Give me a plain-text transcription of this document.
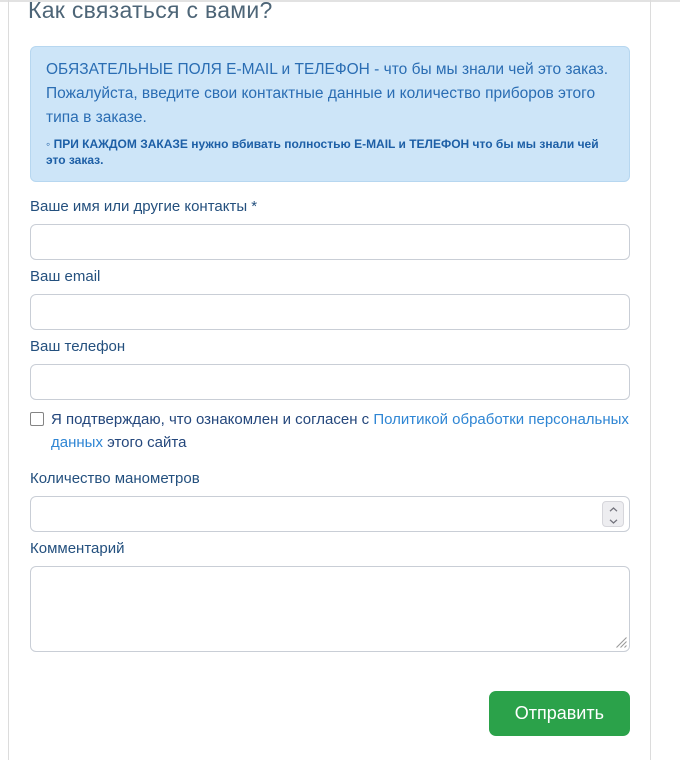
Как связаться с вами?
ОБЯЗАТЕЛЬНЫЕ ПОЛЯ E-MAIL и ТЕЛЕФОН - что бы мы знали чей это заказ.
Пожалуйста, введите свои контактные данные и количество приборов этого типа в заказе.
◦ ПРИ КАЖДОМ ЗАКАЗЕ нужно вбивать полностью E-MAIL и ТЕЛЕФОН что бы мы знали чей это заказ.
Ваше имя или другие контакты *
Ваш email
Ваш телефон
Я подтверждаю, что ознакомлен и согласен с Политикой обработки персональных данных этого сайта
Количество манометров
Комментарий
Отправить
